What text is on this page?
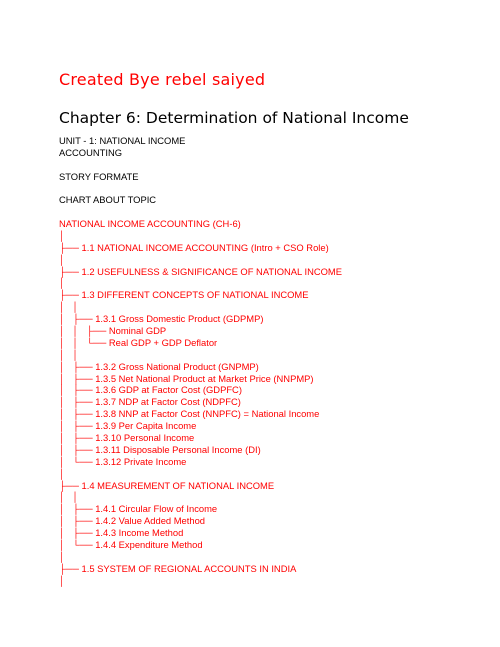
Created Bye rebel saiyed
Chapter 6: Determination of National Income
UNIT - 1: NATIONAL INCOME
ACCOUNTING
STORY FORMATE
CHART ABOUT TOPIC
NATIONAL INCOME ACCOUNTING (CH-6)
│
├── 1.1 NATIONAL INCOME ACCOUNTING (Intro + CSO Role)
│
├── 1.2 USEFULNESS & SIGNIFICANCE OF NATIONAL INCOME
│
├── 1.3 DIFFERENT CONCEPTS OF NATIONAL INCOME
│   │
│   ├── 1.3.1 Gross Domestic Product (GDPMP)
│   │   ├── Nominal GDP
│   │   └── Real GDP + GDP Deflator
│   │
│   ├── 1.3.2 Gross National Product (GNPMP)
│   ├── 1.3.5 Net National Product at Market Price (NNPMP)
│   ├── 1.3.6 GDP at Factor Cost (GDPFC)
│   ├── 1.3.7 NDP at Factor Cost (NDPFC)
│   ├── 1.3.8 NNP at Factor Cost (NNPFC) = National Income
│   ├── 1.3.9 Per Capita Income
│   ├── 1.3.10 Personal Income
│   ├── 1.3.11 Disposable Personal Income (DI)
│   └── 1.3.12 Private Income
│
├── 1.4 MEASUREMENT OF NATIONAL INCOME
│   │
│   ├── 1.4.1 Circular Flow of Income
│   ├── 1.4.2 Value Added Method
│   ├── 1.4.3 Income Method
│   └── 1.4.4 Expenditure Method
│
├── 1.5 SYSTEM OF REGIONAL ACCOUNTS IN INDIA
│
